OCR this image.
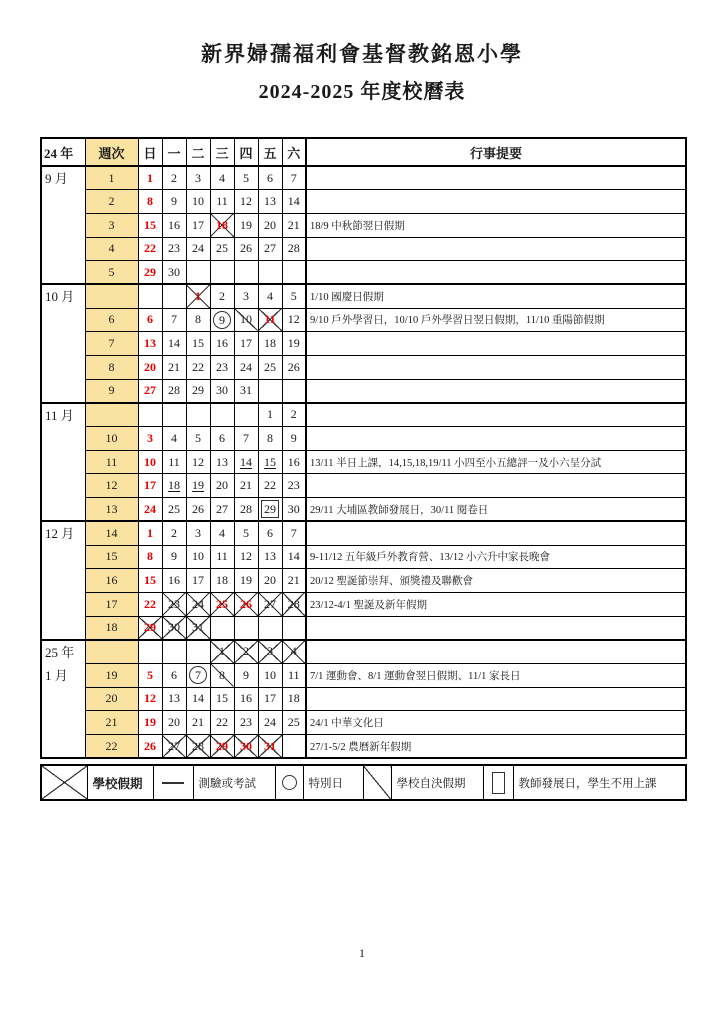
新界婦孺福利會基督教銘恩小學
2024-2025 年度校曆表
24 年	週次	日	一	二	三	四	五	六	行事提要

9 月	1	1	2	3	4	5	6	7	
	2	8	9	10	11	12	13	14	
	3	15	16	17	18	19	20	21	18/9 中秋節翌日假期
	4	22	23	24	25	26	27	28	
	5	29	30						

10 月				1	2	3	4	5	1/10 國慶日假期
	6	6	7	8	9	10	11	12	9/10 戶外學習日，10/10 戶外學習日翌日假期，11/10 重陽節假期
	7	13	14	15	16	17	18	19	
	8	20	21	22	23	24	25	26	
	9	27	28	29	30	31			

11 月							1	2	
	10	3	4	5	6	7	8	9	
	11	10	11	12	13	14	15	16	13/11 半日上課，14,15,18,19/11 小四至小五總評一及小六呈分試
	12	17	18	19	20	21	22	23	
	13	24	25	26	27	28	29	30	29/11 大埔區教師發展日，30/11 閱卷日

12 月	14	1	2	3	4	5	6	7	
	15	8	9	10	11	12	13	14	9-11/12 五年級戶外教育營、13/12 小六升中家長晚會
	16	15	16	17	18	19	20	21	20/12 聖誕節崇拜、頒獎禮及聯歡會
	17	22	23	24	25	26	27	28	23/12-4/1 聖誕及新年假期
	18	29	30	31					

25 年
1 月					1	2	3	4	
	19	5	6	7	8	9	10	11	7/1 運動會、8/1 運動會翌日假期、11/1 家長日
	20	12	13	14	15	16	17	18	
	21	19	20	21	22	23	24	25	24/1 中華文化日
	22	26	27	28	29	30	31		27/1-5/2 農曆新年假期
	學校假期		測驗或考試		特別日		學校自決假期		教師發展日，學生不用上課
1
